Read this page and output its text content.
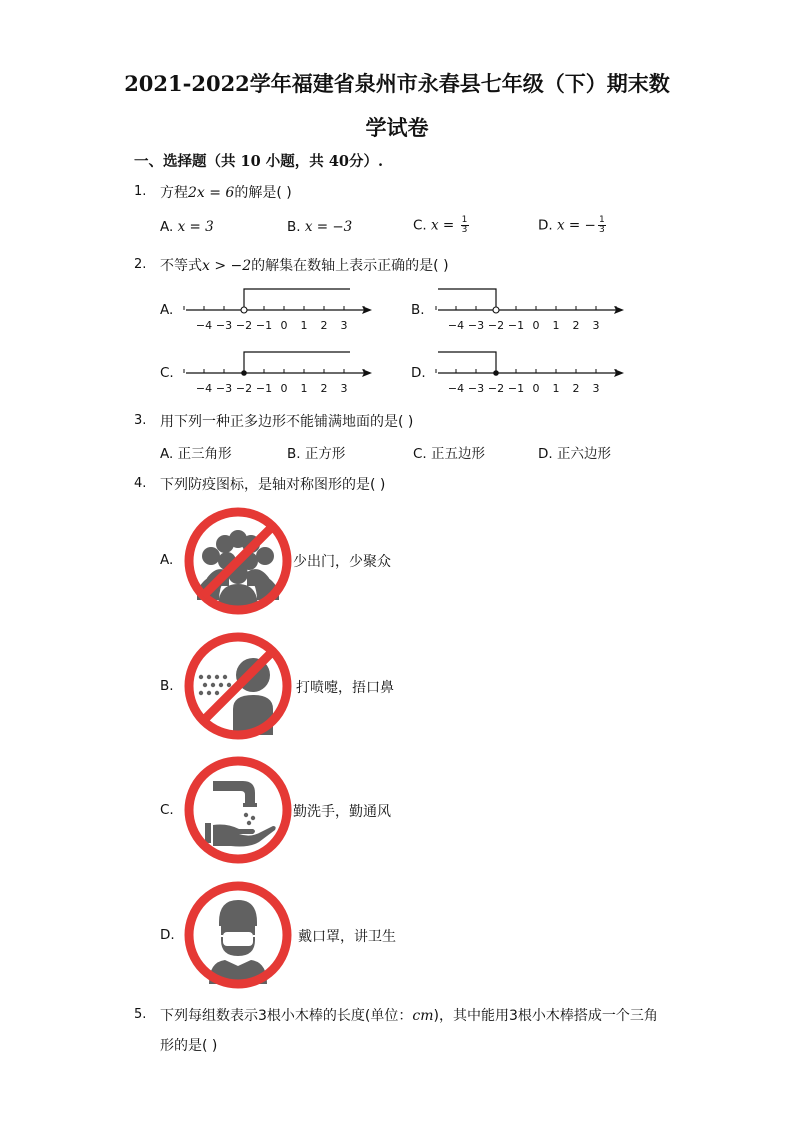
2021-2022学年福建省泉州市永春县七年级（下）期末数
学试卷
一、选择题（共 10 小题，共 40分）.
1. 方程2x = 6的解是( )
A. x = 3	B. x = −3	C. $x = \frac{1}{3}$	D. x = − $\frac{1}{3}$
2. 不等式x > −2的解集在数轴上表示正确的是( )
A.
−4 −3 −2 −1 0 1 2 3
B.
−4 −3 −2 −1 0 1 2 3
C.
−4 −3 −2 −1 0 1 2 3
D.
−4 −3 −2 −1 0 1 2 3
3. 用下列一种正多边形不能铺满地面的是( )
A. 正三角形	B. 正方形	C. 正五边形	D. 正六边形
4. 下列防疫图标，是轴对称图形的是( )
A.	少出门，少聚众
B.	打喷嚏，捂口鼻
C.	勤洗手，勤通风
D.	戴口罩，讲卫生
5. 下列每组数表示3根小木棒的长度(单位：cm)，其中能用3根小木棒搭成一个三角
形的是( )
